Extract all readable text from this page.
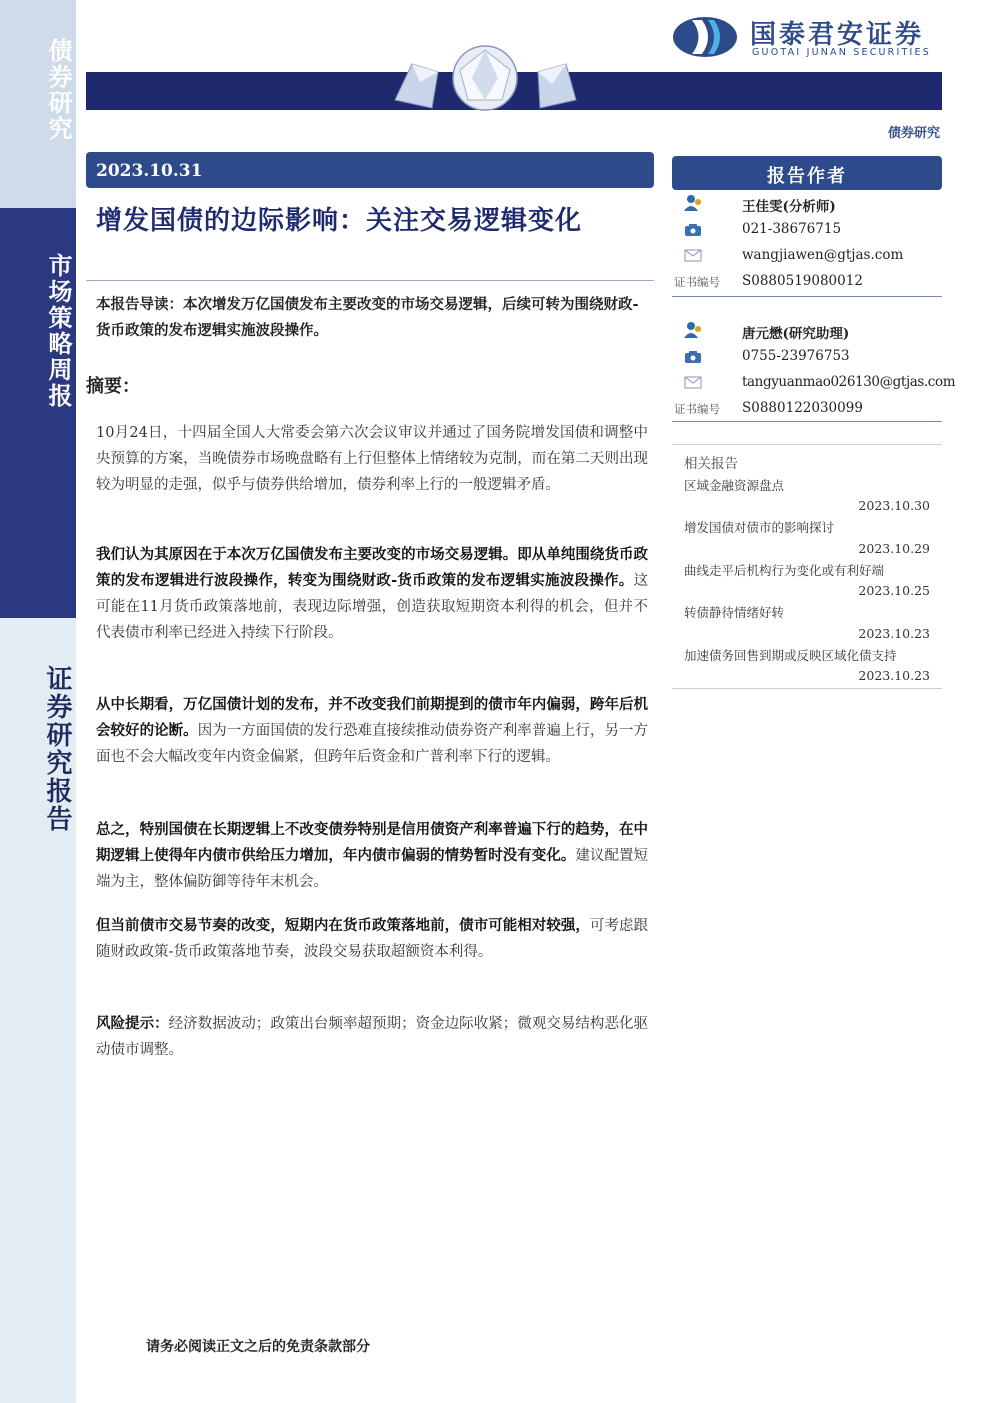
债券研究
市场策略周报
证券研究报告
国泰君安证券
GUOTAI JUNAN SECURITIES
债券研究
2023.10.31
增发国债的边际影响：关注交易逻辑变化
本报告导读：本次增发万亿国债发布主要改变的市场交易逻辑，后续可转为围绕财政-货币政策的发布逻辑实施波段操作。
摘要：
10月24日，十四届全国人大常委会第六次会议审议并通过了国务院增发国债和调整中央预算的方案，当晚债券市场晚盘略有上行但整体上情绪较为克制，而在第二天则出现较为明显的走强，似乎与债券供给增加，债券利率上行的一般逻辑矛盾。
我们认为其原因在于本次万亿国债发布主要改变的市场交易逻辑。即从单纯围绕货币政策的发布逻辑进行波段操作，转变为围绕财政-货币政策的发布逻辑实施波段操作。这可能在11月货币政策落地前，表现边际增强，创造获取短期资本利得的机会，但并不代表债市利率已经进入持续下行阶段。
从中长期看，万亿国债计划的发布，并不改变我们前期提到的债市年内偏弱，跨年后机会较好的论断。因为一方面国债的发行恐难直接续推动债券资产利率普遍上行，另一方面也不会大幅改变年内资金偏紧，但跨年后资金和广普利率下行的逻辑。
总之，特别国债在长期逻辑上不改变债券特别是信用债资产利率普遍下行的趋势，在中期逻辑上使得年内债市供给压力增加，年内债市偏弱的情势暂时没有变化。建议配置短端为主，整体偏防御等待年末机会。
但当前债市交易节奏的改变，短期内在货币政策落地前，债市可能相对较强，可考虑跟随财政政策-货币政策落地节奏，波段交易获取超额资本利得。
风险提示：经济数据波动；政策出台频率超预期；资金边际收紧；微观交易结构恶化驱动债市调整。
请务必阅读正文之后的免责条款部分
报告作者
王佳雯(分析师)
021-38676715
wangjiawen@gtjas.com
证书编号 S0880519080012
唐元懋(研究助理)
0755-23976753
tangyuanmao026130@gtjas.com
证书编号 S0880122030099
相关报告
区域金融资源盘点
2023.10.30
增发国债对债市的影响探讨
2023.10.29
曲线走平后机构行为变化或有利好端
2023.10.25
转债静待情绪好转
2023.10.23
加速债务回售到期或反映区域化债支持
2023.10.23
